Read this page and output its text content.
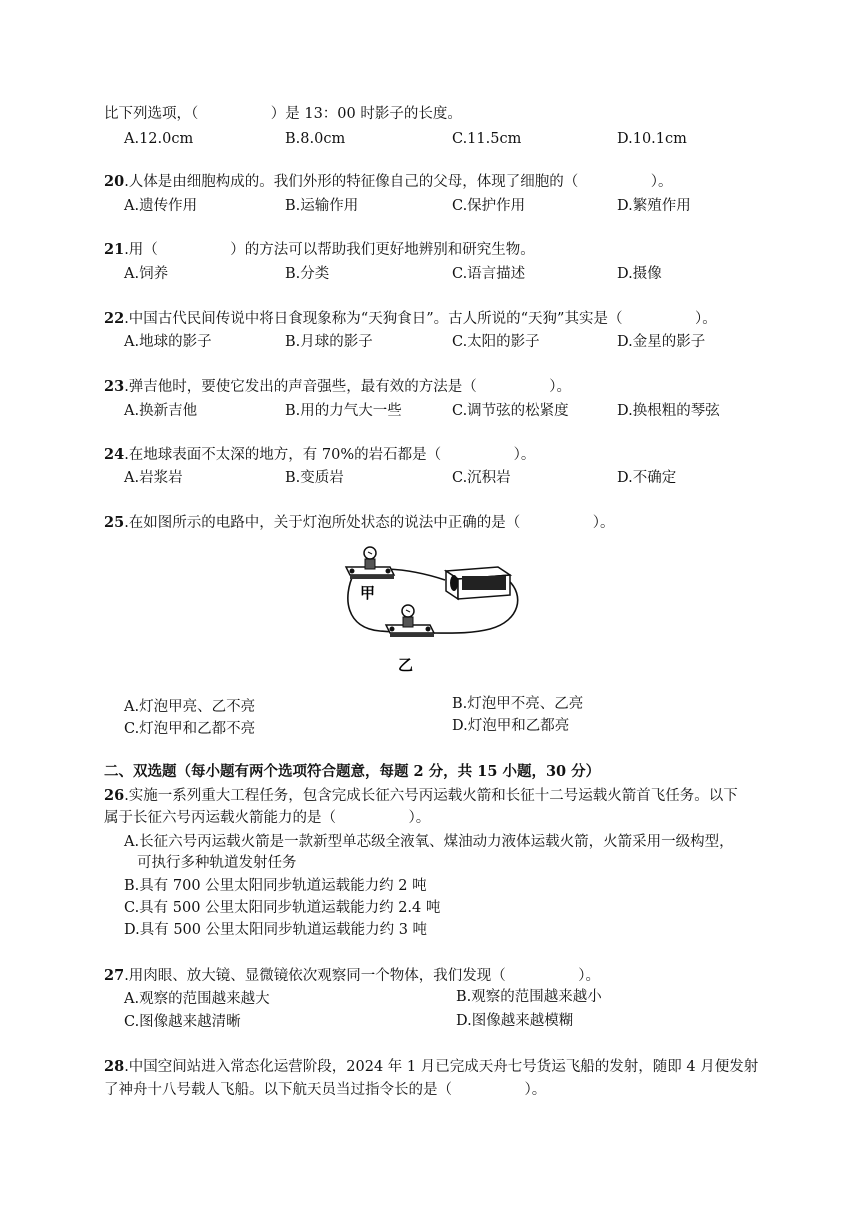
比下列选项，（　　　　　）是 13：00 时影子的长度。
A.12.0cm	B.8.0cm	C.11.5cm	D.10.1cm
20.人体是由细胞构成的。我们外形的特征像自己的父母，体现了细胞的（　　　　　）。
A.遗传作用	B.运输作用	C.保护作用	D.繁殖作用
21.用（　　　　　）的方法可以帮助我们更好地辨别和研究生物。
A.饲养	B.分类	C.语言描述	D.摄像
22.中国古代民间传说中将日食现象称为“天狗食日”。古人所说的“天狗”其实是（　　　　　）。
A.地球的影子	B.月球的影子	C.太阳的影子	D.金星的影子
23.弹吉他时，要使它发出的声音强些，最有效的方法是（　　　　　）。
A.换新吉他	B.用的力气大一些	C.调节弦的松紧度	D.换根粗的琴弦
24.在地球表面不太深的地方，有 70%的岩石都是（　　　　　）。
A.岩浆岩	B.变质岩	C.沉积岩	D.不确定
25.在如图所示的电路中，关于灯泡所处状态的说法中正确的是（　　　　　）。
甲
乙
A.灯泡甲亮、乙不亮	B.灯泡甲不亮、乙亮
C.灯泡甲和乙都不亮	D.灯泡甲和乙都亮
二、双选题（每小题有两个选项符合题意，每题 2 分，共 15 小题，30 分）
26.实施一系列重大工程任务，包含完成长征六号丙运载火箭和长征十二号运载火箭首飞任务。以下
属于长征六号丙运载火箭能力的是（　　　　　）。
A.长征六号丙运载火箭是一款新型单芯级全液氧、煤油动力液体运载火箭，火箭采用一级构型，
可执行多种轨道发射任务
B.具有 700 公里太阳同步轨道运载能力约 2 吨
C.具有 500 公里太阳同步轨道运载能力约 2.4 吨
D.具有 500 公里太阳同步轨道运载能力约 3 吨
27.用肉眼、放大镜、显微镜依次观察同一个物体，我们发现（　　　　　）。
A.观察的范围越来越大	B.观察的范围越来越小
C.图像越来越清晰	D.图像越来越模糊
28.中国空间站进入常态化运营阶段，2024 年 1 月已完成天舟七号货运飞船的发射，随即 4 月便发射
了神舟十八号载人飞船。以下航天员当过指令长的是（　　　　　）。
